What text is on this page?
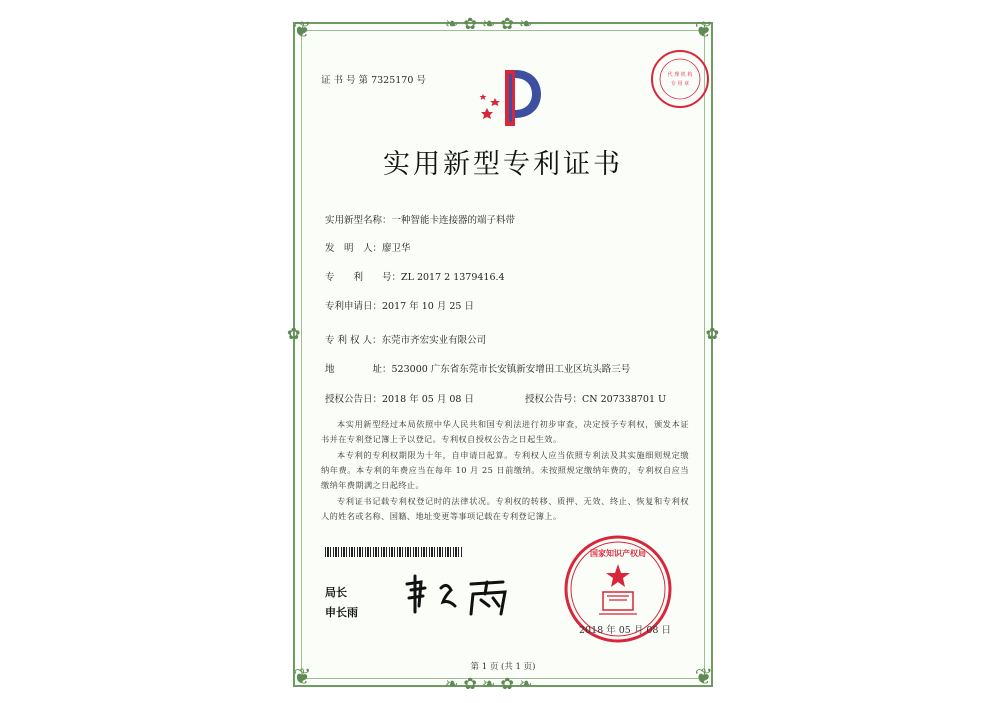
❦	❦
❦	❦
❧ ✿ ❧ ✿ ❧
❧ ✿ ❧ ✿ ❧
✿	✿
证 书 号 第 7325170 号	代 理 机 构
专 用 章
实用新型专利证书
实用新型名称：一种智能卡连接器的端子料带
发　明　人：廖卫华
专　　利　　号：ZL 2017 2 1379416.4
专利申请日：2017 年 10 月 25 日
专 利 权 人：东莞市齐宏实业有限公司
地　　　　址：523000 广东省东莞市长安镇新安增田工业区坑头路三号
授权公告日：2018 年 05 月 08 日	授权公告号：CN 207338701 U
本实用新型经过本局依照中华人民共和国专利法进行初步审查，决定授予专利权，颁发本证书并在专利登记簿上予以登记。专利权自授权公告之日起生效。
本专利的专利权期限为十年，自申请日起算。专利权人应当依照专利法及其实施细则规定缴纳年费。本专利的年费应当在每年 10 月 25 日前缴纳。未按照规定缴纳年费的，专利权自应当缴纳年费期满之日起终止。
专利证书记载专利权登记时的法律状况。专利权的转移、质押、无效、终止、恢复和专利权人的姓名或名称、国籍、地址变更等事项记载在专利登记簿上。
局长
申长雨
国家知识产权局
2018 年 05 月 08 日
第 1 页 (共 1 页)
